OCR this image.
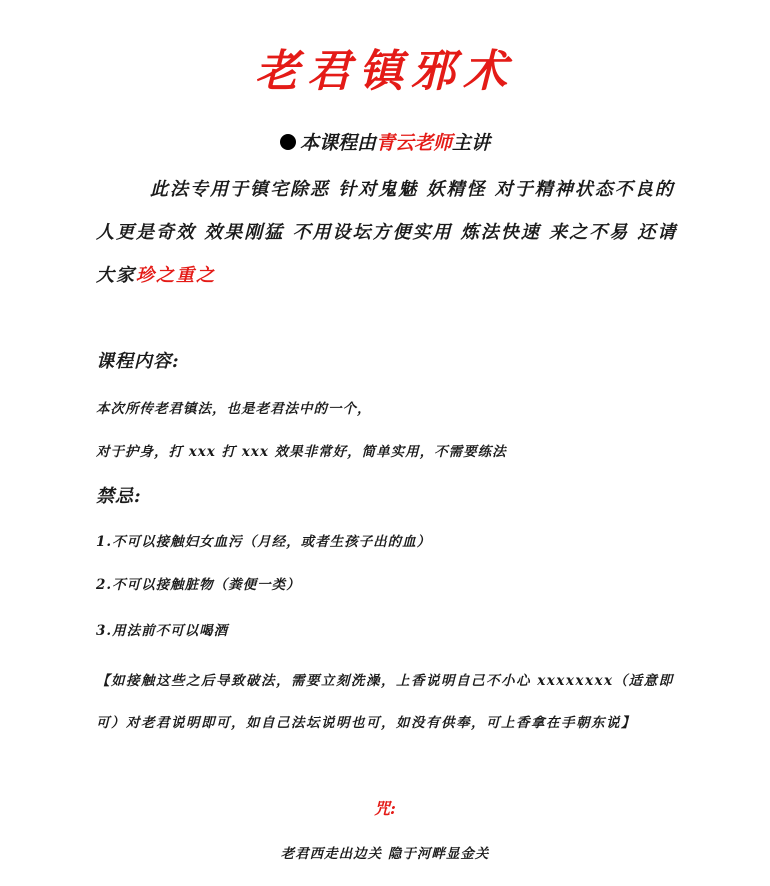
老君镇邪术
本课程由青云老师主讲
此法专用于镇宅除恶 针对鬼魅 妖精怪 对于精神状态不良的人更是奇效 效果刚猛 不用设坛方便实用 炼法快速 来之不易 还请大家珍之重之
课程内容:
本次所传老君镇法，也是老君法中的一个，
对于护身，打 xxx 打 xxx 效果非常好，简单实用，不需要练法
禁忌:
1.不可以接触妇女血污（月经，或者生孩子出的血）
2.不可以接触脏物（粪便一类）
3.用法前不可以喝酒
【如接触这些之后导致破法，需要立刻洗澡，上香说明自己不小心 xxxxxxxx（适意即可）对老君说明即可，如自己法坛说明也可，如没有供奉，可上香拿在手朝东说】
咒:
老君西走出边关 隐于河畔显金关
